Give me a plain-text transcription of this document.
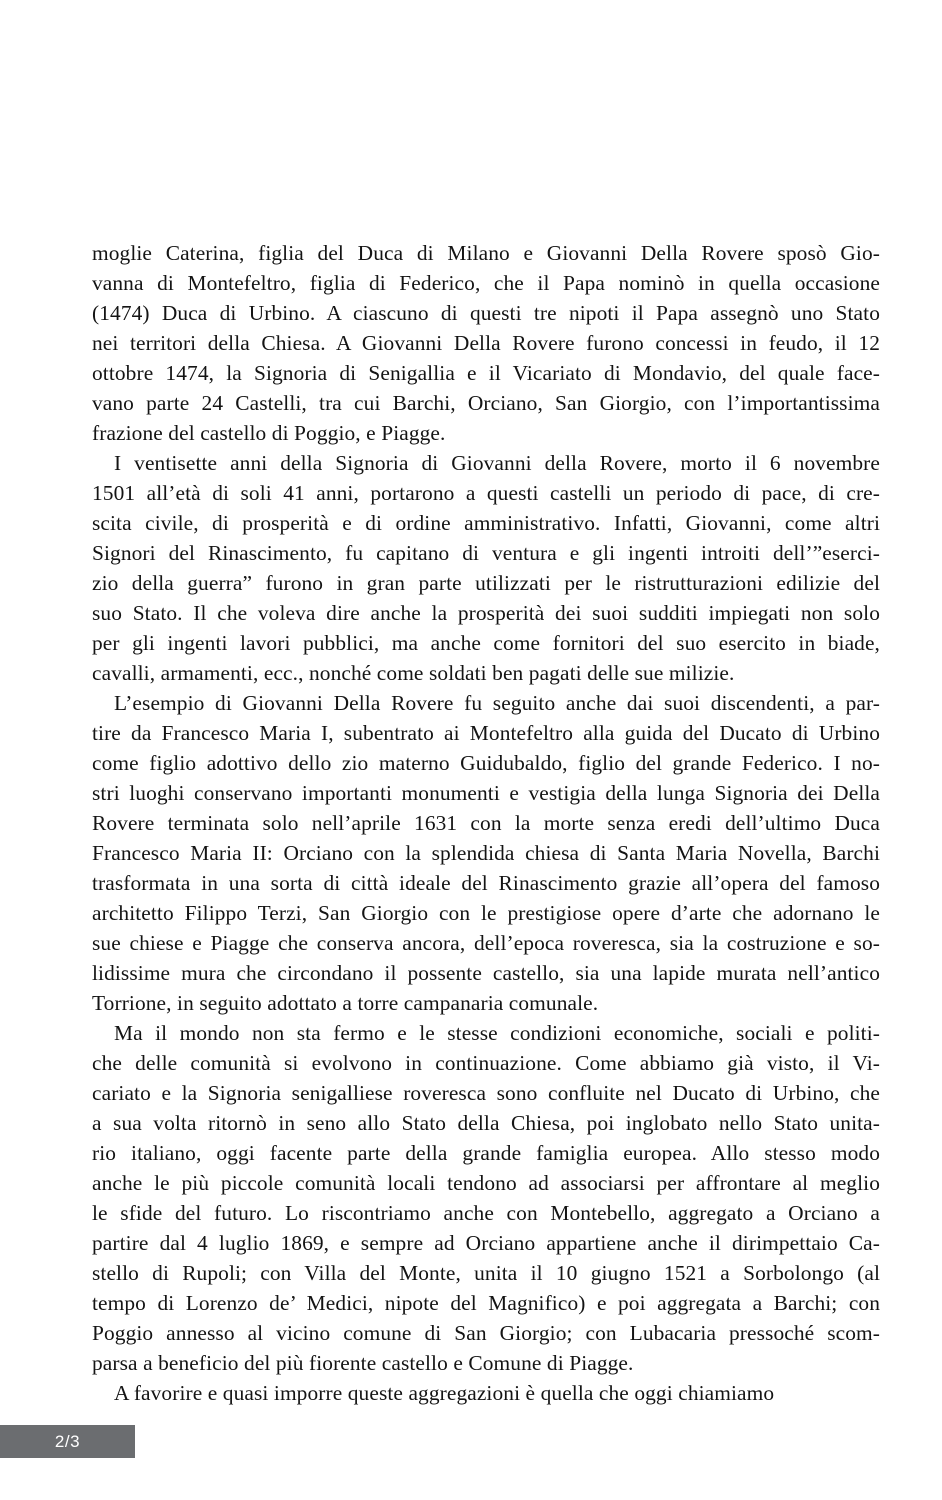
moglie Caterina, figlia del Duca di Milano e Giovanni Della Rovere sposò Gio-
vanna di Montefeltro, figlia di Federico, che il Papa nominò in quella occasione
(1474) Duca di Urbino. A ciascuno di questi tre nipoti il Papa assegnò uno Stato
nei territori della Chiesa. A Giovanni Della Rovere furono concessi in feudo, il 12
ottobre 1474, la Signoria di Senigallia e il Vicariato di Mondavio, del quale face-
vano parte 24 Castelli, tra cui Barchi, Orciano, San Giorgio, con l’importantissima
frazione del castello di Poggio, e Piagge.

I ventisette anni della Signoria di Giovanni della Rovere, morto il 6 novembre
1501 all’età di soli 41 anni, portarono a questi castelli un periodo di pace, di cre-
scita civile, di prosperità e di ordine amministrativo. Infatti, Giovanni, come altri
Signori del Rinascimento, fu capitano di ventura e gli ingenti introiti dell’”eserci-
zio della guerra” furono in gran parte utilizzati per le ristrutturazioni edilizie del
suo Stato. Il che voleva dire anche la prosperità dei suoi sudditi impiegati non solo
per gli ingenti lavori pubblici, ma anche come fornitori del suo esercito in biade,
cavalli, armamenti, ecc., nonché come soldati ben pagati delle sue milizie.

L’esempio di Giovanni Della Rovere fu seguito anche dai suoi discendenti, a par-
tire da Francesco Maria I, subentrato ai Montefeltro alla guida del Ducato di Urbino
come figlio adottivo dello zio materno Guidubaldo, figlio del grande Federico. I no-
stri luoghi conservano importanti monumenti e vestigia della lunga Signoria dei Della
Rovere terminata solo nell’aprile 1631 con la morte senza eredi dell’ultimo Duca
Francesco Maria II: Orciano con la splendida chiesa di Santa Maria Novella, Barchi
trasformata in una sorta di città ideale del Rinascimento grazie all’opera del famoso
architetto Filippo Terzi, San Giorgio con le prestigiose opere d’arte che adornano le
sue chiese e Piagge che conserva ancora, dell’epoca roveresca, sia la costruzione e so-
lidissime mura che circondano il possente castello, sia una lapide murata nell’antico
Torrione, in seguito adottato a torre campanaria comunale.

Ma il mondo non sta fermo e le stesse condizioni economiche, sociali e politi-
che delle comunità si evolvono in continuazione. Come abbiamo già visto, il Vi-
cariato e la Signoria senigalliese roveresca sono confluite nel Ducato di Urbino, che
a sua volta ritornò in seno allo Stato della Chiesa, poi inglobato nello Stato unita-
rio italiano, oggi facente parte della grande famiglia europea. Allo stesso modo
anche le più piccole comunità locali tendono ad associarsi per affrontare al meglio
le sfide del futuro. Lo riscontriamo anche con Montebello, aggregato a Orciano a
partire dal 4 luglio 1869, e sempre ad Orciano appartiene anche il dirimpettaio Ca-
stello di Rupoli; con Villa del Monte, unita il 10 giugno 1521 a Sorbolongo (al
tempo di Lorenzo de’ Medici, nipote del Magnifico) e poi aggregata a Barchi; con
Poggio annesso al vicino comune di San Giorgio; con Lubacaria pressoché scom-
parsa a beneficio del più fiorente castello e Comune di Piagge.

A favorire e quasi imporre queste aggregazioni è quella che oggi chiamiamo

2/3
